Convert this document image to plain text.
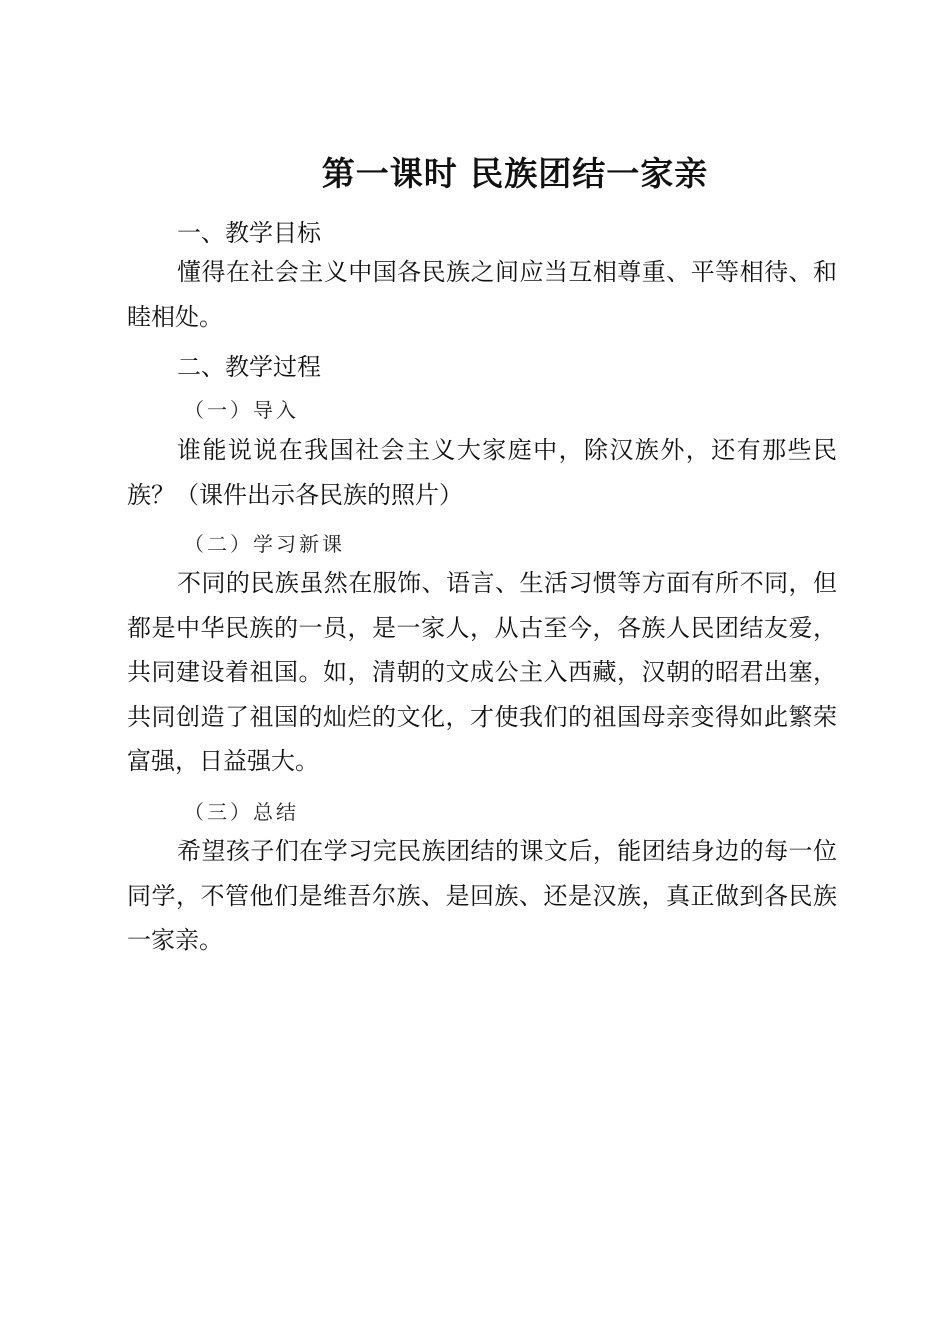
第一课时 民族团结一家亲
一、教学目标
懂得在社会主义中国各民族之间应当互相尊重、平等相待、和睦相处。
二、教学过程
（一）导入
谁能说说在我国社会主义大家庭中，除汉族外，还有那些民族？（课件出示各民族的照片）
（二）学习新课
不同的民族虽然在服饰、语言、生活习惯等方面有所不同，但都是中华民族的一员，是一家人，从古至今，各族人民团结友爱，共同建设着祖国。如，清朝的文成公主入西藏，汉朝的昭君出塞，共同创造了祖国的灿烂的文化，才使我们的祖国母亲变得如此繁荣富强，日益强大。
（三）总结
希望孩子们在学习完民族团结的课文后，能团结身边的每一位同学，不管他们是维吾尔族、是回族、还是汉族，真正做到各民族一家亲。
